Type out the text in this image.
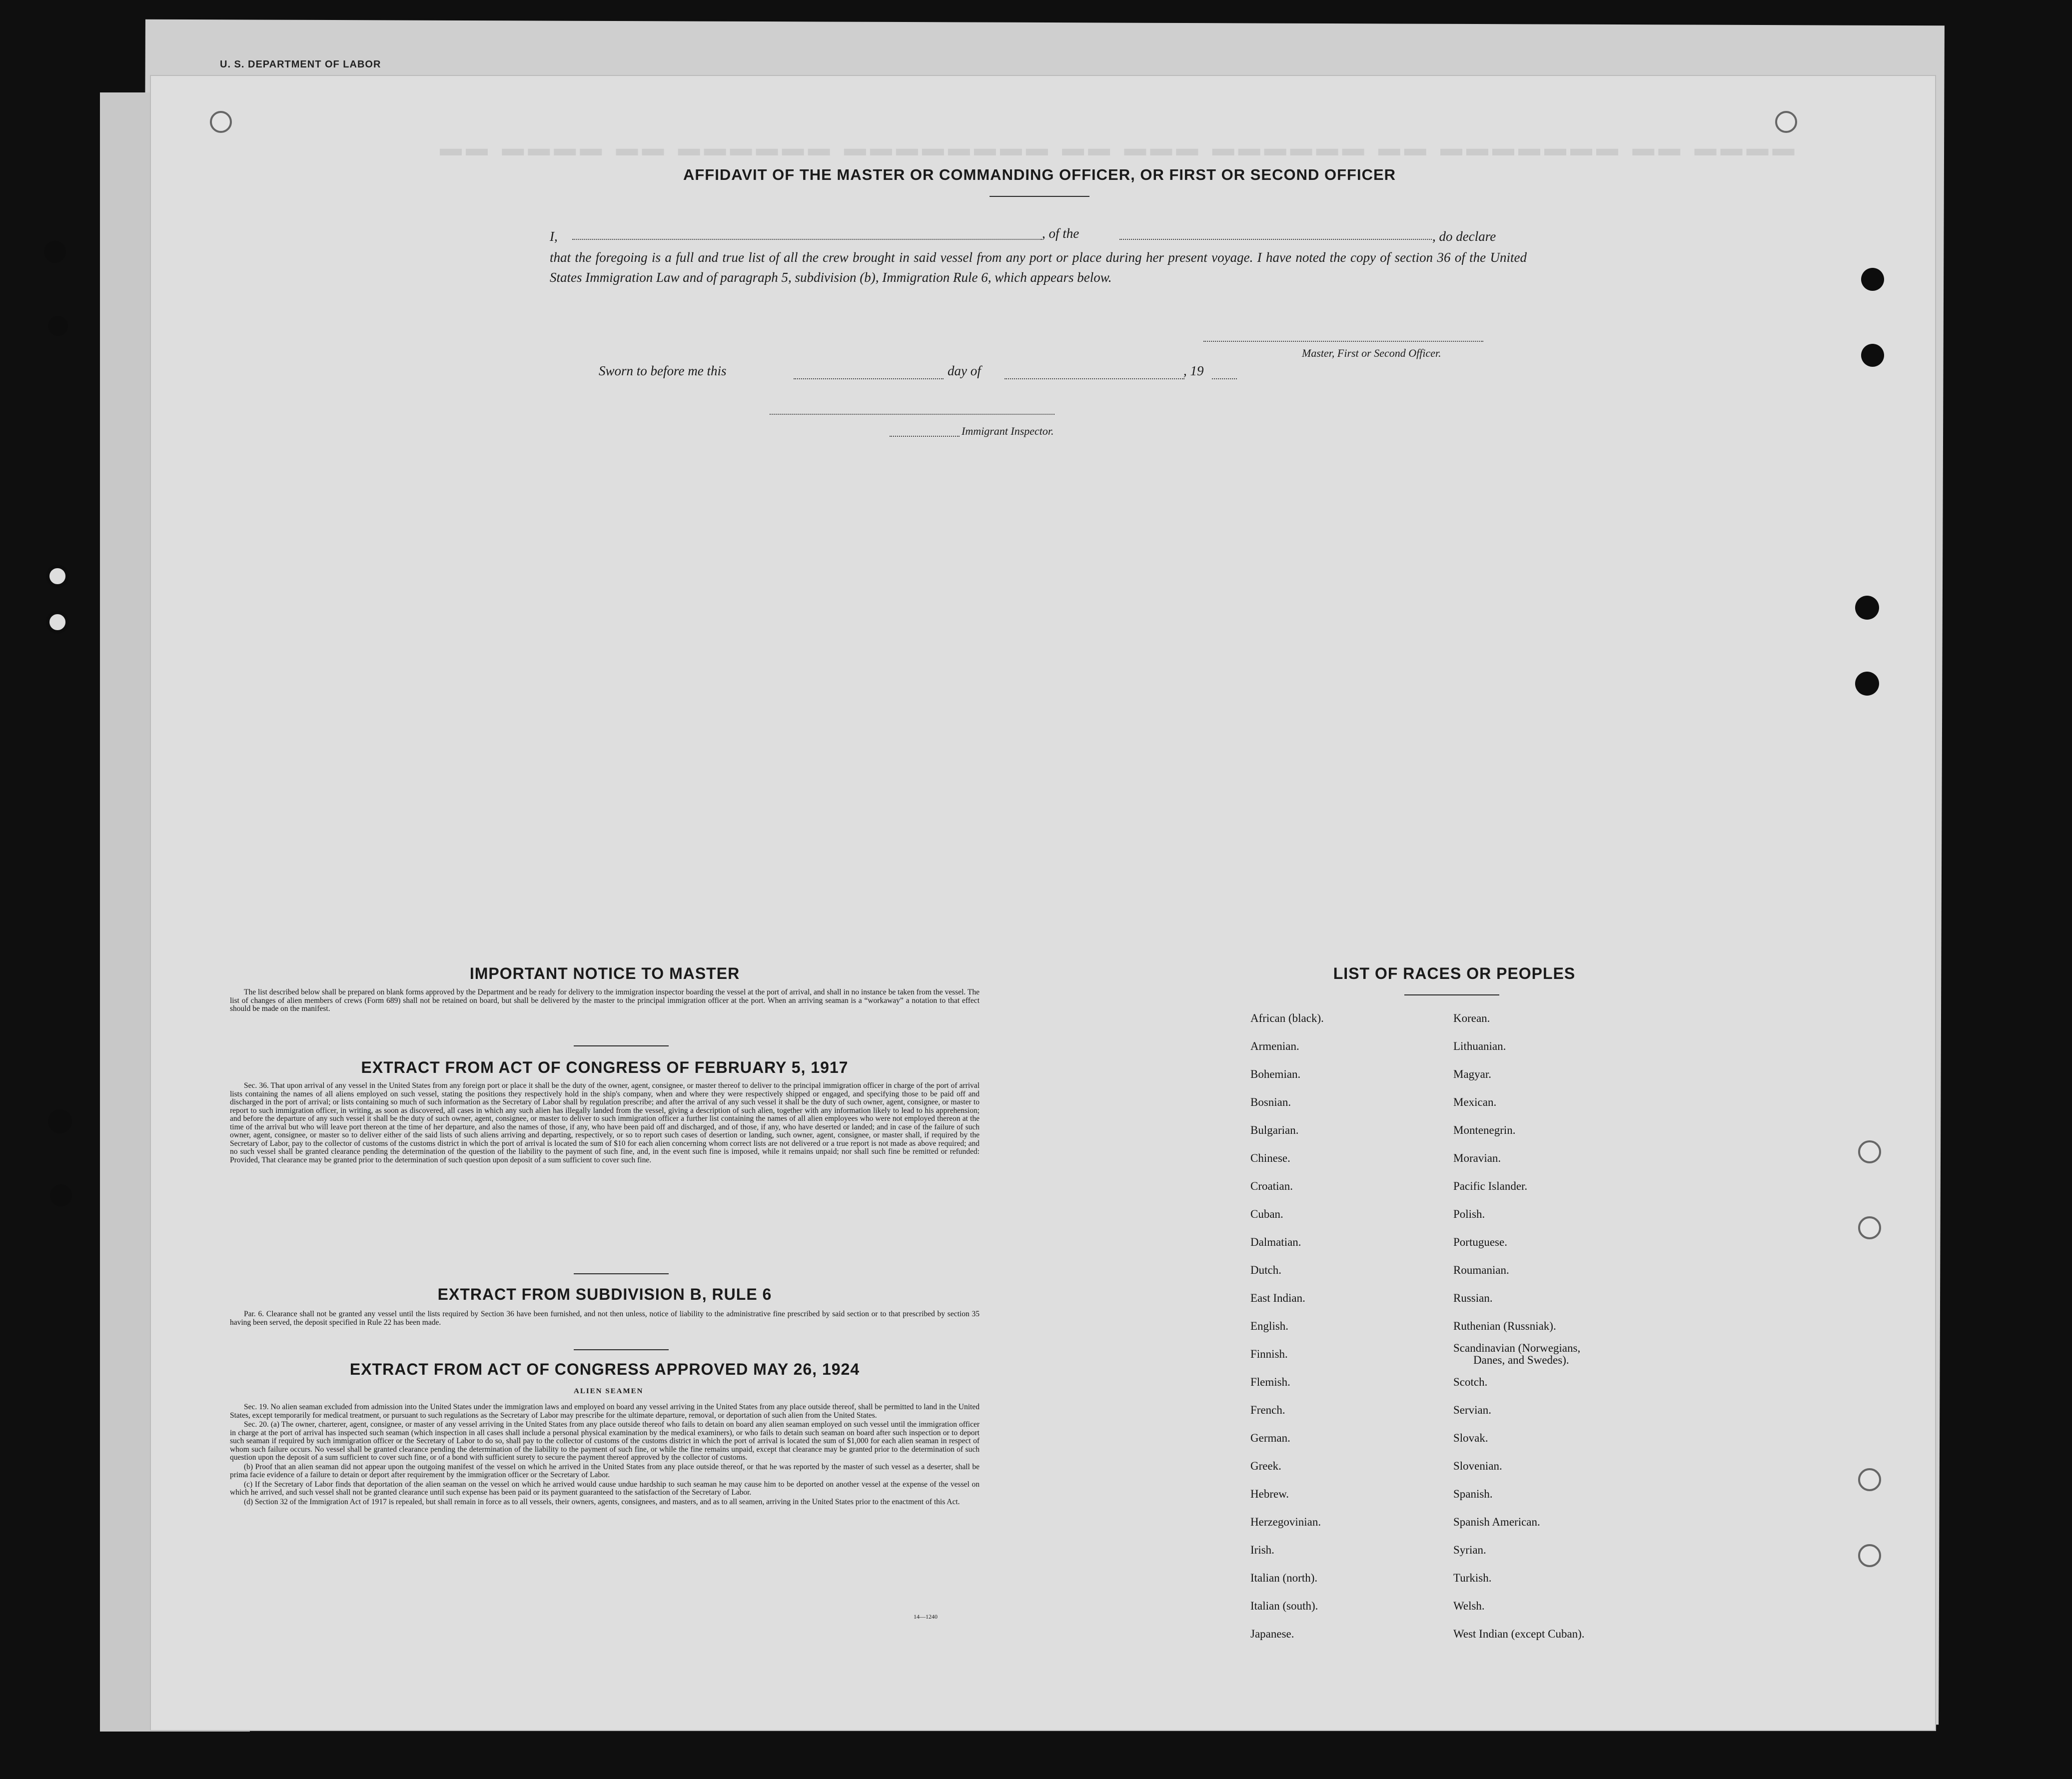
U. S. DEPARTMENT OF LABOR
▬▬ ▬▬▬▬ ▬▬ ▬▬▬▬▬▬ ▬▬▬▬▬▬▬▬ ▬▬ ▬▬▬ ▬▬▬▬▬▬ ▬▬ ▬▬▬▬▬▬▬ ▬▬ ▬▬▬▬
AFFIDAVIT OF THE MASTER OR COMMANDING OFFICER, OR FIRST OR SECOND OFFICER
I,	, of the	, do declare
that the foregoing is a full and true list of all the crew brought in said vessel from any port or place during her present voyage. I have noted the copy of section 36 of the United States Immigration Law and of paragraph 5, subdivision (b), Immigration Rule 6, which appears below.
Master, First or Second Officer.
Sworn to before me this	day of	, 19
Immigrant Inspector.
IMPORTANT NOTICE TO MASTER

The list described below shall be prepared on blank forms approved by the Department and be ready for delivery to the immigration inspector boarding the vessel at the port of arrival, and shall in no instance be taken from the vessel. The list of changes of alien members of crews (Form 689) shall not be retained on board, but shall be delivered by the master to the principal immigration officer at the port. When an arriving seaman is a “workaway” a notation to that effect should be made on the manifest.

EXTRACT FROM ACT OF CONGRESS OF FEBRUARY 5, 1917

Sec. 36. That upon arrival of any vessel in the United States from any foreign port or place it shall be the duty of the owner, agent, consignee, or master thereof to deliver to the principal immigration officer in charge of the port of arrival lists containing the names of all aliens employed on such vessel, stating the positions they respectively hold in the ship's company, when and where they were respectively shipped or engaged, and specifying those to be paid off and discharged in the port of arrival; or lists containing so much of such information as the Secretary of Labor shall by regulation prescribe; and after the arrival of any such vessel it shall be the duty of such owner, agent, consignee, or master to report to such immigration officer, in writing, as soon as discovered, all cases in which any such alien has illegally landed from the vessel, giving a description of such alien, together with any information likely to lead to his apprehension; and before the departure of any such vessel it shall be the duty of such owner, agent, consignee, or master to deliver to such immigration officer a further list containing the names of all alien employees who were not employed thereon at the time of the arrival but who will leave port thereon at the time of her departure, and also the names of those, if any, who have been paid off and discharged, and of those, if any, who have deserted or landed; and in case of the failure of such owner, agent, consignee, or master so to deliver either of the said lists of such aliens arriving and departing, respectively, or so to report such cases of desertion or landing, such owner, agent, consignee, or master shall, if required by the Secretary of Labor, pay to the collector of customs of the customs district in which the port of arrival is located the sum of $10 for each alien concerning whom correct lists are not delivered or a true report is not made as above required; and no such vessel shall be granted clearance pending the determination of the question of the liability to the payment of such fine, and, in the event such fine is imposed, while it remains unpaid; nor shall such fine be remitted or refunded: Provided, That clearance may be granted prior to the determination of such question upon deposit of a sum sufficient to cover such fine.

EXTRACT FROM SUBDIVISION B, RULE 6

Par. 6. Clearance shall not be granted any vessel until the lists required by Section 36 have been furnished, and not then unless, notice of liability to the administrative fine prescribed by said section or to that prescribed by section 35 having been served, the deposit specified in Rule 22 has been made.

EXTRACT FROM ACT OF CONGRESS APPROVED MAY 26, 1924
ALIEN SEAMEN

Sec. 19. No alien seaman excluded from admission into the United States under the immigration laws and employed on board any vessel arriving in the United States from any place outside thereof, shall be permitted to land in the United States, except temporarily for medical treatment, or pursuant to such regulations as the Secretary of Labor may prescribe for the ultimate departure, removal, or deportation of such alien from the United States.

Sec. 20. (a) The owner, charterer, agent, consignee, or master of any vessel arriving in the United States from any place outside thereof who fails to detain on board any alien seaman employed on such vessel until the immigration officer in charge at the port of arrival has inspected such seaman (which inspection in all cases shall include a personal physical examination by the medical examiners), or who fails to detain such seaman on board after such inspection or to deport such seaman if required by such immigration officer or the Secretary of Labor to do so, shall pay to the collector of customs of the customs district in which the port of arrival is located the sum of $1,000 for each alien seaman in respect of whom such failure occurs. No vessel shall be granted clearance pending the determination of the liability to the payment of such fine, or while the fine remains unpaid, except that clearance may be granted prior to the determination of such question upon the deposit of a sum sufficient to cover such fine, or of a bond with sufficient surety to secure the payment thereof approved by the collector of customs.

(b) Proof that an alien seaman did not appear upon the outgoing manifest of the vessel on which he arrived in the United States from any place outside thereof, or that he was reported by the master of such vessel as a deserter, shall be prima facie evidence of a failure to detain or deport after requirement by the immigration officer or the Secretary of Labor.

(c) If the Secretary of Labor finds that deportation of the alien seaman on the vessel on which he arrived would cause undue hardship to such seaman he may cause him to be deported on another vessel at the expense of the vessel on which he arrived, and such vessel shall not be granted clearance until such expense has been paid or its payment guaranteed to the satisfaction of the Secretary of Labor.

(d) Section 32 of the Immigration Act of 1917 is repealed, but shall remain in force as to all vessels, their owners, agents, consignees, and masters, and as to all seamen, arriving in the United States prior to the enactment of this Act.

14—1240
LIST OF RACES OR PEOPLES
African (black).
Armenian.
Bohemian.
Bosnian.
Bulgarian.
Chinese.
Croatian.
Cuban.
Dalmatian.
Dutch.
East Indian.
English.
Finnish.
Flemish.
French.
German.
Greek.
Hebrew.
Herzegovinian.
Irish.
Italian (north).
Italian (south).
Japanese.
Korean.
Lithuanian.
Magyar.
Mexican.
Montenegrin.
Moravian.
Pacific Islander.
Polish.
Portuguese.
Roumanian.
Russian.
Ruthenian (Russniak).
Scandinavian (Norwegians,
Danes, and Swedes).
Scotch.
Servian.
Slovak.
Slovenian.
Spanish.
Spanish American.
Syrian.
Turkish.
Welsh.
West Indian (except Cuban).
